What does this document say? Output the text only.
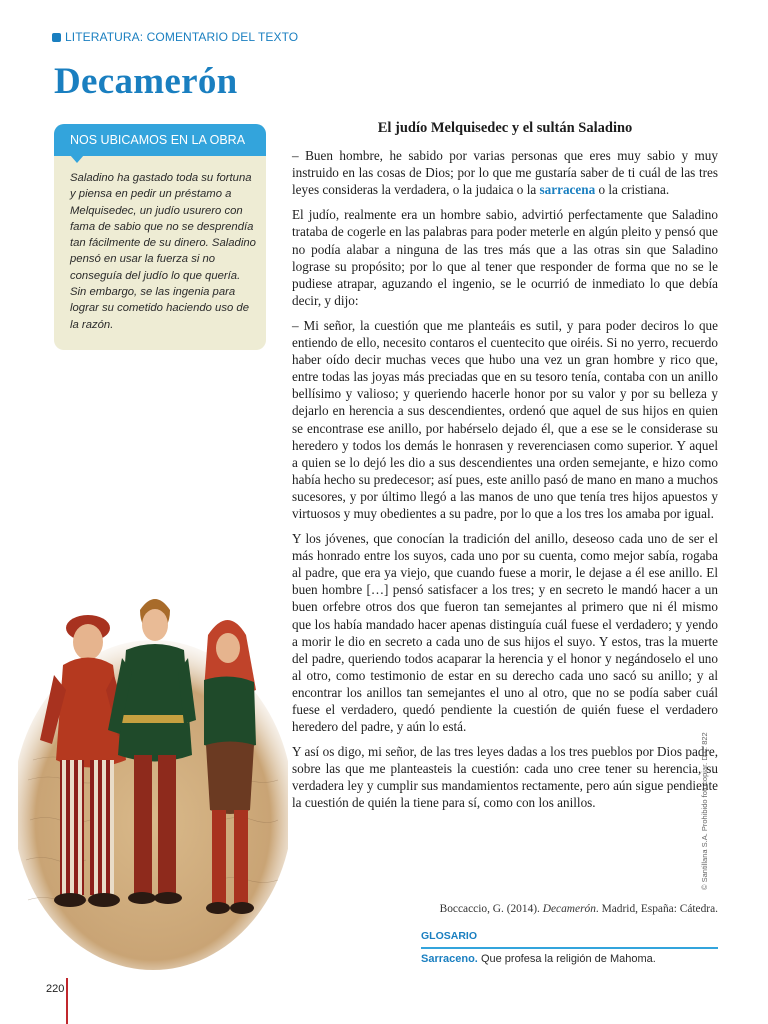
LITERATURA: COMENTARIO DEL TEXTO
Decamerón
NOS UBICAMOS EN LA OBRA
Saladino ha gastado toda su fortuna y piensa en pedir un préstamo a Melquisedec, un judío usurero con fama de sabio que no se desprendía tan fácilmente de su dinero. Saladino pensó en usar la fuerza si no conseguía del judío lo que quería. Sin embargo, se las ingenia para lograr su cometido haciendo uso de la razón.
El judío Melquisedec y el sultán Saladino

– Buen hombre, he sabido por varias personas que eres muy sabio y muy instruido en las cosas de Dios; por lo que me gustaría saber de ti cuál de las tres leyes consideras la verdadera, o la judaica o la sarracena o la cristiana.

El judío, realmente era un hombre sabio, advirtió perfectamente que Saladino trataba de cogerle en las palabras para poder meterle en algún pleito y pensó que no podía alabar a ninguna de las tres más que a las otras sin que Saladino lograse su propósito; por lo que al tener que responder de forma que no se le pudiese atrapar, aguzando el ingenio, se le ocurrió de inmediato lo que debía decir, y dijo:

– Mi señor, la cuestión que me planteáis es sutil, y para poder deciros lo que entiendo de ello, necesito contaros el cuentecito que oiréis. Si no yerro, recuerdo haber oído decir muchas veces que hubo una vez un gran hombre y rico que, entre todas las joyas más preciadas que en su tesoro tenía, contaba con un anillo bellísimo y valioso; y queriendo hacerle honor por su valor y por su belleza y dejarlo en herencia a sus descendientes, ordenó que aquel de sus hijos en quien se encontrase ese anillo, por habérselo dejado él, que a ese se le considerase su heredero y todos los demás le honrasen y reverenciasen como superior. Y aquel a quien se lo dejó les dio a sus descendientes una orden semejante, e hizo como había hecho su predecesor; así pues, este anillo pasó de mano en mano a muchos sucesores, y por último llegó a las manos de uno que tenía tres hijos apuestos y virtuosos y muy obedientes a su padre, por lo que a los tres los amaba por igual.

Y los jóvenes, que conocían la tradición del anillo, deseoso cada uno de ser el más honrado entre los suyos, cada uno por su cuenta, como mejor sabía, rogaba al padre, que era ya viejo, que cuando fuese a morir, le dejase a él ese anillo. El buen hombre […] pensó satisfacer a los tres; y en secreto le mandó hacer a un buen orfebre otros dos que fueron tan semejantes al primero que ni él mismo que los había mandado hacer apenas distinguía cuál fuese el verdadero; y yendo a morir le dio en secreto a cada uno de sus hijos el suyo. Y estos, tras la muerte del padre, queriendo todos acaparar la herencia y el honor y negándoselo el uno al otro, como testimonio de estar en su derecho cada uno sacó su anillo; y al encontrar los anillos tan semejantes el uno al otro, que no se podía saber cuál fuese el verdadero, quedó pendiente la cuestión de quién fuese el verdadero heredero del padre, y aún lo está.

Y así os digo, mi señor, de las tres leyes dadas a los tres pueblos por Dios padre, sobre las que me planteasteis la cuestión: cada uno cree tener su herencia, su verdadera ley y cumplir sus mandamientos rectamente, pero aún sigue pendiente la cuestión de quién la tiene para sí, como con los anillos.

Boccaccio, G. (2014). Decamerón. Madrid, España: Cátedra.
GLOSARIO
Sarraceno. Que profesa la religión de Mahoma.
© Santillana S.A. Prohibido fotocopiar. D.L. 822
220
